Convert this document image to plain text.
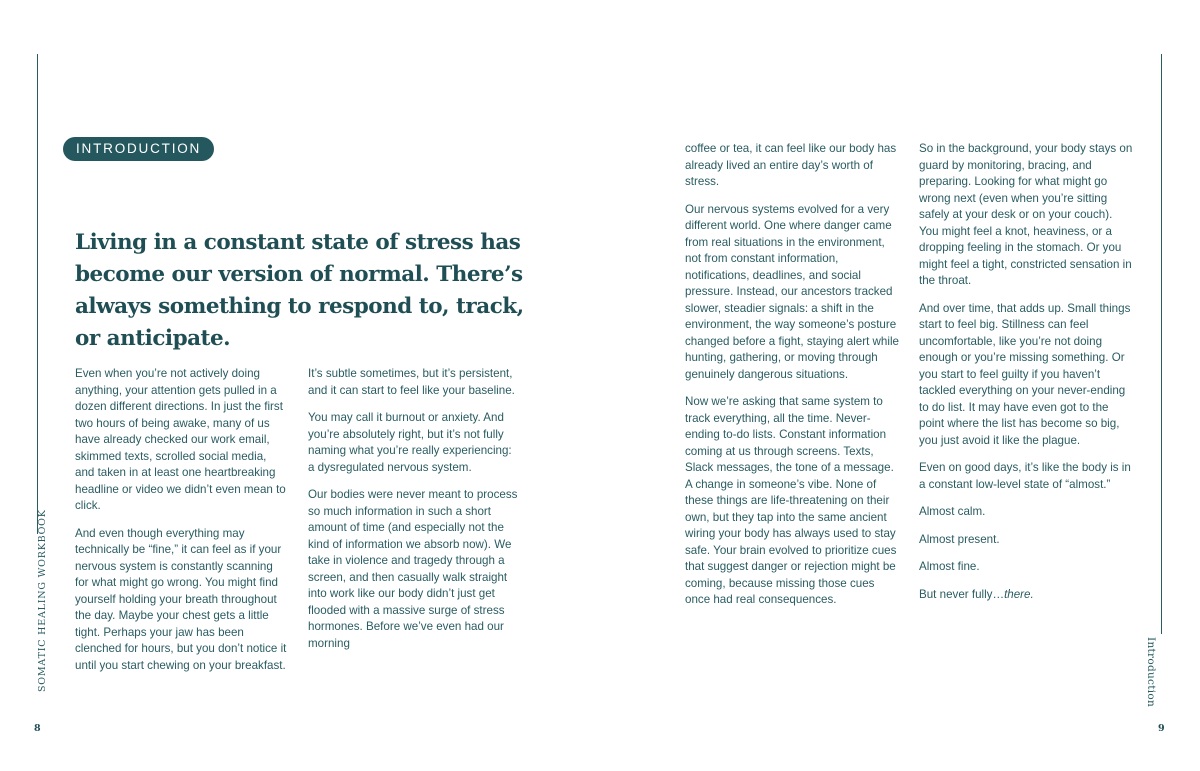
SOMATIC HEALING WORKBOOK
8
INTRODUCTION
Living in a constant state of stress has become our version of normal. There’s always something to respond to, track, or anticipate.

Even when you’re not actively doing anything, your attention gets pulled in a dozen different directions. In just the first two hours of being awake, many of us have already checked our work email, skimmed texts, scrolled social media, and taken in at least one heartbreaking headline or video we didn’t even mean to click.

And even though everything may technically be “fine,” it can feel as if your nervous system is constantly scanning for what might go wrong. You might find yourself holding your breath throughout the day. Maybe your chest gets a little tight. Perhaps your jaw has been clenched for hours, but you don’t notice it until you start chewing on your breakfast.

It’s subtle sometimes, but it’s persistent, and it can start to feel like your baseline.

You may call it burnout or anxiety. And you’re absolutely right, but it’s not fully naming what you’re really experiencing: a dysregulated nervous system.

Our bodies were never meant to process so much information in such a short amount of time (and especially not the kind of information we absorb now). We take in violence and tragedy through a screen, and then casually walk straight into work like our body didn’t just get flooded with a massive surge of stress hormones. Before we’ve even had our morning	Introduction
9

coffee or tea, it can feel like our body has already lived an entire day’s worth of stress.

Our nervous systems evolved for a very different world. One where danger came from real situations in the environment, not from constant information, notifications, deadlines, and social pressure. Instead, our ancestors tracked slower, steadier signals: a shift in the environment, the way someone’s posture changed before a fight, staying alert while hunting, gathering, or moving through genuinely dangerous situations.

Now we’re asking that same system to track everything, all the time. Never-ending to-do lists. Constant information coming at us through screens. Texts, Slack messages, the tone of a message. A change in someone’s vibe. None of these things are life-threatening on their own, but they tap into the same ancient wiring your body has always used to stay safe. Your brain evolved to prioritize cues that suggest danger or rejection might be coming, because missing those cues once had real consequences.

So in the background, your body stays on guard by monitoring, bracing, and preparing. Looking for what might go wrong next (even when you’re sitting safely at your desk or on your couch). You might feel a knot, heaviness, or a dropping feeling in the stomach. Or you might feel a tight, constricted sensation in the throat.

And over time, that adds up. Small things start to feel big. Stillness can feel uncomfortable, like you’re not doing enough or you’re missing something. Or you start to feel guilty if you haven’t tackled everything on your never-ending to do list. It may have even got to the point where the list has become so big, you just avoid it like the plague.

Even on good days, it’s like the body is in a constant low-level state of “almost.”

Almost calm.

Almost present.

Almost fine.

But never fully…there.
